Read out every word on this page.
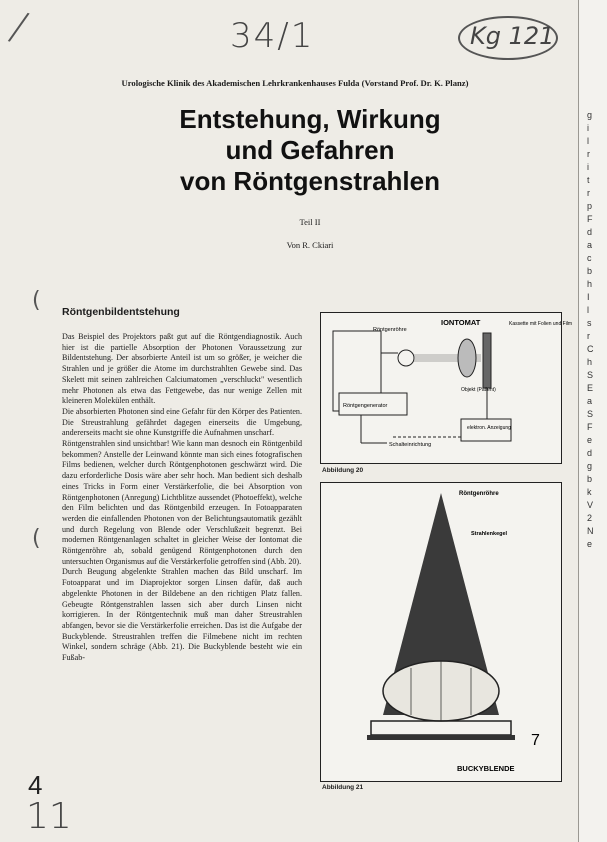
g
i
l
r
i
t
r
p
F
d
a
c
b
h
I
l
s
r
C
h
S
E
a
S
F
e
d
g
b
k
V
2
N
e
/	34/1	Kg 121
Urologische Klinik des Akademischen Lehrkrankenhauses Fulda (Vorstand Prof. Dr. K. Planz)
Entstehung, Wirkung
und Gefahren
von Röntgenstrahlen
Teil II
Von R. Ckiari
(
(
Röntgenbildentstehung

Das Beispiel des Projektors paßt gut auf die Röntgendiagnostik. Auch hier ist die partielle Absorption der Photonen Voraussetzung zur Bildentstehung. Der absorbierte Anteil ist um so größer, je weicher die Strahlen und je größer die Atome im durchstrahlten Gewebe sind. Das Skelett mit seinen zahlreichen Calciumatomen „verschluckt" wesentlich mehr Photonen als etwa das Fettgewebe, das nur wenige Zellen mit kleineren Molekülen enthält.

Die absorbierten Photonen sind eine Gefahr für den Körper des Patienten. Die Streustrahlung gefährdet dagegen einerseits die Umgebung, andererseits macht sie ohne Kunstgriffe die Aufnahmen unscharf.

Röntgenstrahlen sind unsichtbar! Wie kann man desnoch ein Röntgenbild bekommen? Anstelle der Leinwand könnte man sich eines fotografischen Films bedienen, welcher durch Röntgenphotonen geschwärzt wird. Die dazu erforderliche Dosis wäre aber sehr hoch. Man bedient sich deshalb eines Tricks in Form einer Verstärkerfolie, die bei Absorption von Röntgenphotonen (Anregung) Lichtblitze aussendet (Photoeffekt), welche den Film belichten und das Röntgenbild erzeugen. In Fotoapparaten werden die einfallenden Photonen von der Belichtungsautomatik gezählt und durch Regelung von Blende oder Verschlußzeit begrenzt. Bei modernen Röntgenanlagen schaltet in gleicher Weise der Iontomat die Röntgenröhre ab, sobald genügend Röntgenphotonen durch den untersuchten Organismus auf die Verstärkerfolie getroffen sind (Abb. 20).

Durch Beugung abgelenkte Strahlen machen das Bild unscharf. Im Fotoapparat und im Diaprojektor sorgen Linsen dafür, daß auch abgelenkte Photonen in der Bildebene an den richtigen Platz fallen. Gebeugte Röntgenstrahlen lassen sich aber durch Linsen nicht korrigieren. In der Röntgentechnik muß man daher Streustrahlen abfangen, bevor sie die Verstärkerfolie erreichen. Das ist die Aufgabe der Buckyblende. Streustrahlen treffen die Filmebene nicht im rechten Winkel, sondern schräge (Abb. 21). Die Buckyblende besteht wie ein Fußab-

IONTOMAT
Röntgenröhre
Kassette mit Folien und Film
Objekt (Patient)
Röntgengenerator
elektron. Anzeigung
Schalteinrichtung
Abbildung 20
Röntgenröhre
Strahlenkegel
7
BUCKYBLENDE
Abbildung 21
4
11
